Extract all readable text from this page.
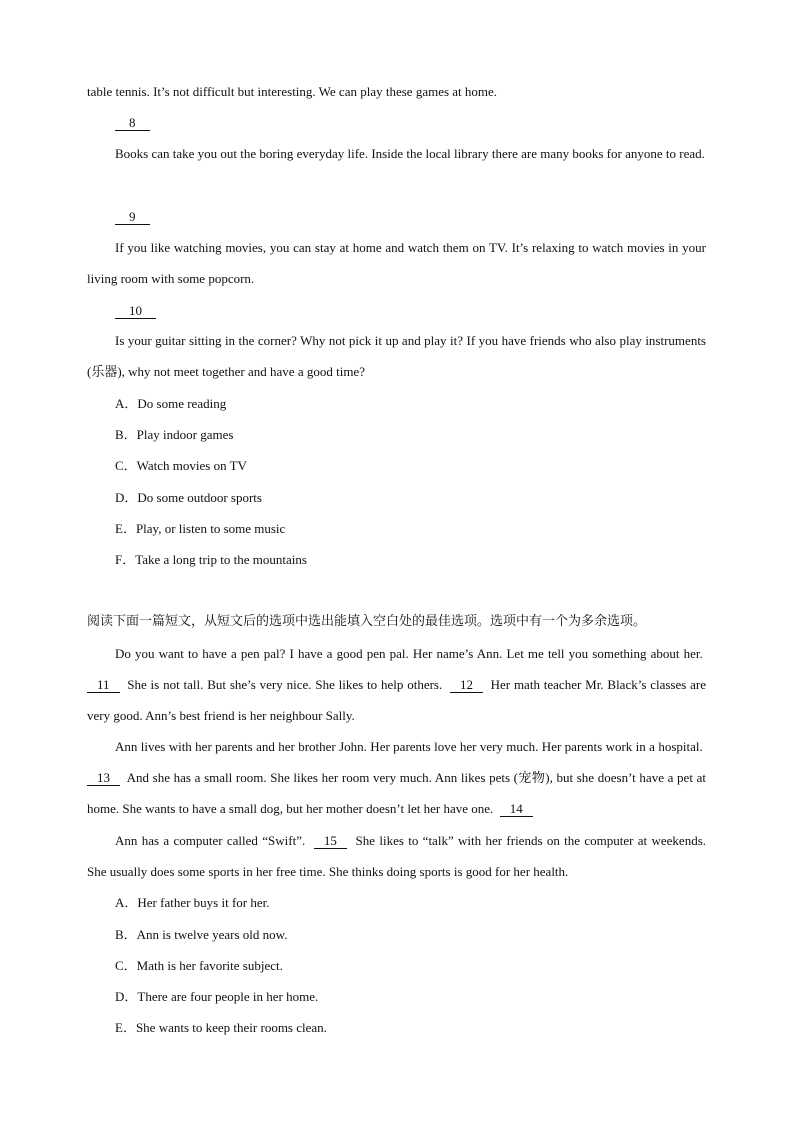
table tennis. It’s not difficult but interesting. We can play these games at home.
8

Books can take you out the boring everyday life. Inside the local library there are many books for anyone to read.

9

If you like watching movies, you can stay at home and watch them on TV. It’s relaxing to watch movies in your living room with some popcorn.

10

Is your guitar sitting in the corner? Why not pick it up and play it? If you have friends who also play instruments (乐器), why not meet together and have a good time?

A．Do some reading
B．Play indoor games
C．Watch movies on TV
D．Do some outdoor sports
E．Play, or listen to some music
F．Take a long trip to the mountains
阅读下面一篇短文，从短文后的选项中选出能填入空白处的最佳选项。选项中有一个为多余选项。

Do you want to have a pen pal? I have a good pen pal. Her name’s Ann. Let me tell you something about her.  11 She is not tall. But she’s very nice. She likes to help others. 12 Her math teacher Mr. Black’s classes are very good. Ann’s best friend is her neighbour Sally.

Ann lives with her parents and her brother John. Her parents love her very much. Her parents work in a hospital.  13 And she has a small room. She likes her room very much. Ann likes pets (宠物), but she doesn’t have a pet at home. She wants to have a small dog, but her mother doesn’t let her have one. 14

Ann has a computer called “Swift”. 15 She likes to “talk” with her friends on the computer at weekends. She usually does some sports in her free time. She thinks doing sports is good for her health.

A．Her father buys it for her.
B．Ann is twelve years old now.
C．Math is her favorite subject.
D．There are four people in her home.
E．She wants to keep their rooms clean.
